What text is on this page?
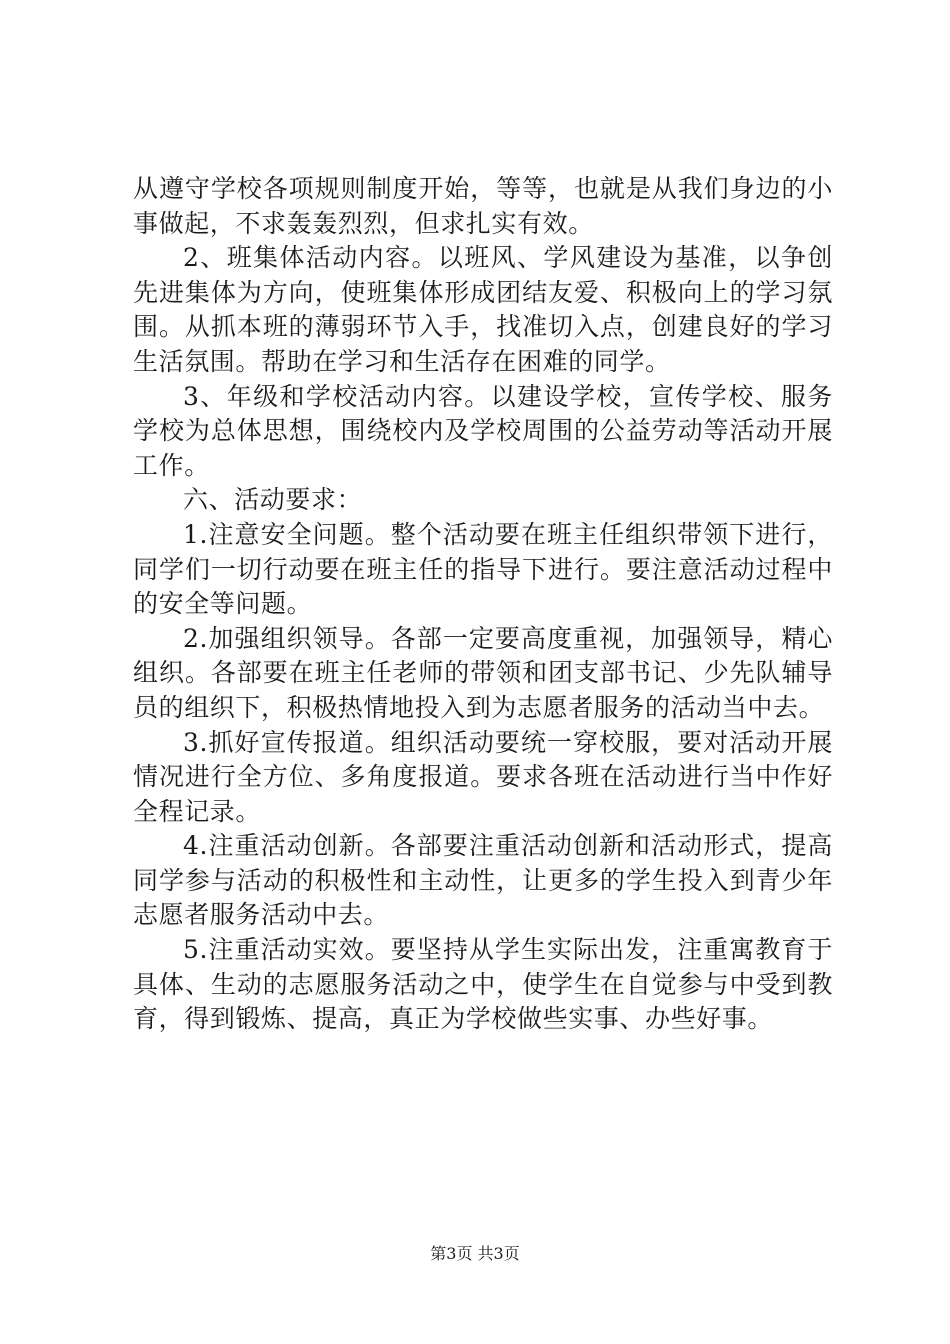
从遵守学校各项规则制度开始，等等，也就是从我们身边的小事做起，不求轰轰烈烈，但求扎实有效。

2、班集体活动内容。以班风、学风建设为基准，以争创先进集体为方向，使班集体形成团结友爱、积极向上的学习氛围。从抓本班的薄弱环节入手，找准切入点，创建良好的学习生活氛围。帮助在学习和生活存在困难的同学。

3、年级和学校活动内容。以建设学校，宣传学校、服务学校为总体思想，围绕校内及学校周围的公益劳动等活动开展工作。

六、活动要求：

1.注意安全问题。整个活动要在班主任组织带领下进行，同学们一切行动要在班主任的指导下进行。要注意活动过程中的安全等问题。

2.加强组织领导。各部一定要高度重视，加强领导，精心组织。各部要在班主任老师的带领和团支部书记、少先队辅导员的组织下，积极热情地投入到为志愿者服务的活动当中去。

3.抓好宣传报道。组织活动要统一穿校服，要对活动开展情况进行全方位、多角度报道。要求各班在活动进行当中作好全程记录。

4.注重活动创新。各部要注重活动创新和活动形式，提高同学参与活动的积极性和主动性，让更多的学生投入到青少年志愿者服务活动中去。

5.注重活动实效。要坚持从学生实际出发，注重寓教育于具体、生动的志愿服务活动之中，使学生在自觉参与中受到教育，得到锻炼、提高，真正为学校做些实事、办些好事。

第3页 共3页
